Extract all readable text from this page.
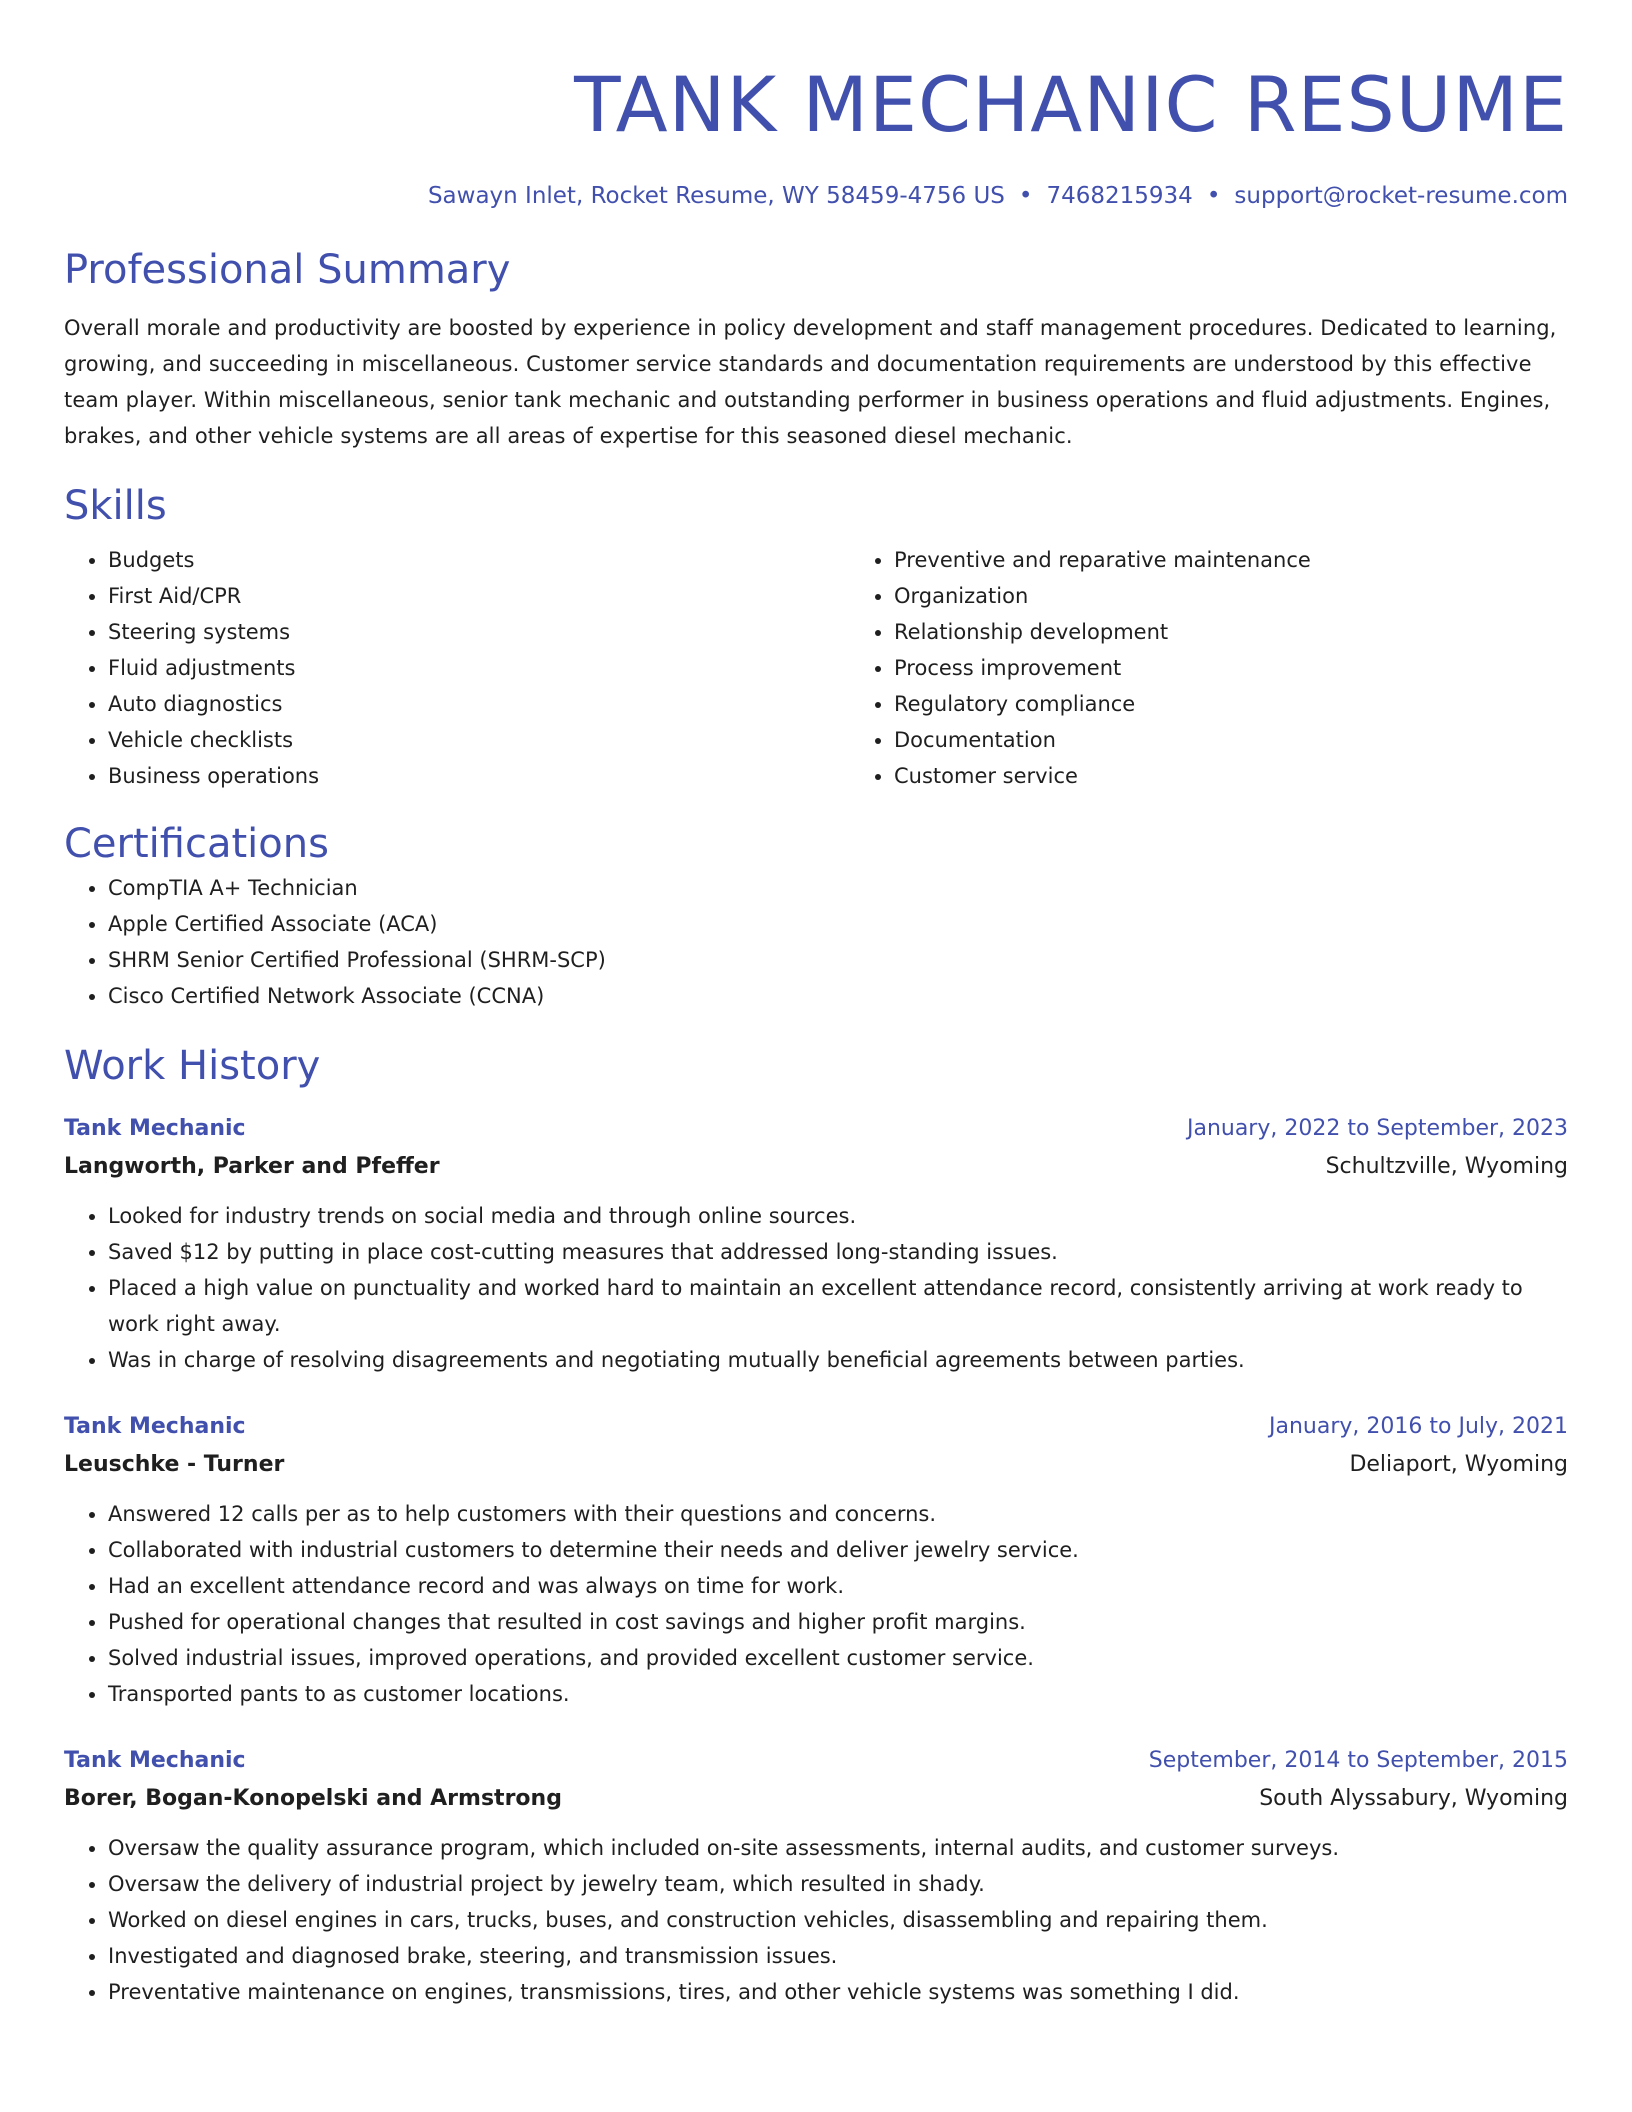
TANK MECHANIC RESUME
Sawayn Inlet, Rocket Resume, WY 58459-4756 US • 7468215934 • support@rocket-resume.com
Professional Summary
Overall morale and productivity are boosted by experience in policy development and staff management procedures. Dedicated to learning, growing, and succeeding in miscellaneous. Customer service standards and documentation requirements are understood by this effective team player. Within miscellaneous, senior tank mechanic and outstanding performer in business operations and fluid adjustments. Engines, brakes, and other vehicle systems are all areas of expertise for this seasoned diesel mechanic.
Skills
• Budgets
• First Aid/CPR
• Steering systems
• Fluid adjustments
• Auto diagnostics
• Vehicle checklists
• Business operations
• Preventive and reparative maintenance
• Organization
• Relationship development
• Process improvement
• Regulatory compliance
• Documentation
• Customer service
Certifications
• CompTIA A+ Technician
• Apple Certified Associate (ACA)
• SHRM Senior Certified Professional (SHRM-SCP)
• Cisco Certified Network Associate (CCNA)
Work History
Tank Mechanic	January, 2022 to September, 2023
Langworth, Parker and Pfeffer	Schultzville, Wyoming
• Looked for industry trends on social media and through online sources.
• Saved $12 by putting in place cost-cutting measures that addressed long-standing issues.
• Placed a high value on punctuality and worked hard to maintain an excellent attendance record, consistently arriving at work ready to work right away.
• Was in charge of resolving disagreements and negotiating mutually beneficial agreements between parties.
Tank Mechanic	January, 2016 to July, 2021
Leuschke - Turner	Deliaport, Wyoming
• Answered 12 calls per as to help customers with their questions and concerns.
• Collaborated with industrial customers to determine their needs and deliver jewelry service.
• Had an excellent attendance record and was always on time for work.
• Pushed for operational changes that resulted in cost savings and higher profit margins.
• Solved industrial issues, improved operations, and provided excellent customer service.
• Transported pants to as customer locations.
Tank Mechanic	September, 2014 to September, 2015
Borer, Bogan-Konopelski and Armstrong	South Alyssabury, Wyoming
• Oversaw the quality assurance program, which included on-site assessments, internal audits, and customer surveys.
• Oversaw the delivery of industrial project by jewelry team, which resulted in shady.
• Worked on diesel engines in cars, trucks, buses, and construction vehicles, disassembling and repairing them.
• Investigated and diagnosed brake, steering, and transmission issues.
• Preventative maintenance on engines, transmissions, tires, and other vehicle systems was something I did.
